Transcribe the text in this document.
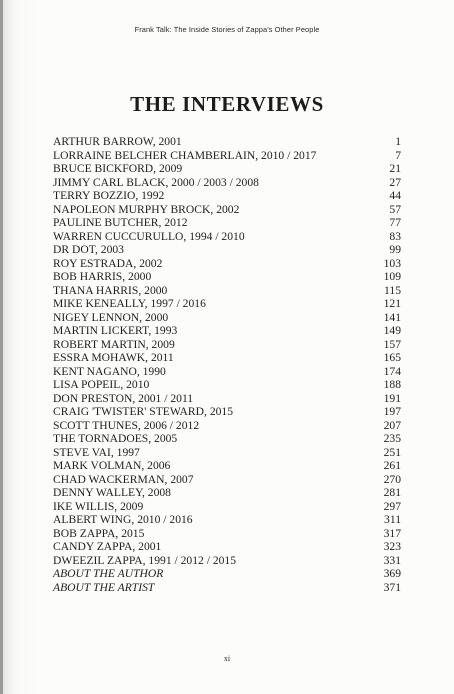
Frank Talk: The Inside Stories of Zappa's Other People
THE INTERVIEWS
ARTHUR BARROW, 2001	1
LORRAINE BELCHER CHAMBERLAIN, 2010 / 2017	7
BRUCE BICKFORD, 2009	21
JIMMY CARL BLACK, 2000 / 2003 / 2008	27
TERRY BOZZIO, 1992	44
NAPOLEON MURPHY BROCK, 2002	57
PAULINE BUTCHER, 2012	77
WARREN CUCCURULLO, 1994 / 2010	83
DR DOT, 2003	99
ROY ESTRADA, 2002	103
BOB HARRIS, 2000	109
THANA HARRIS, 2000	115
MIKE KENEALLY, 1997 / 2016	121
NIGEY LENNON, 2000	141
MARTIN LICKERT, 1993	149
ROBERT MARTIN, 2009	157
ESSRA MOHAWK, 2011	165
KENT NAGANO, 1990	174
LISA POPEIL, 2010	188
DON PRESTON, 2001 / 2011	191
CRAIG 'TWISTER' STEWARD, 2015	197
SCOTT THUNES, 2006 / 2012	207
THE TORNADOES, 2005	235
STEVE VAI, 1997	251
MARK VOLMAN, 2006	261
CHAD WACKERMAN, 2007	270
DENNY WALLEY, 2008	281
IKE WILLIS, 2009	297
ALBERT WING, 2010 / 2016	311
BOB ZAPPA, 2015	317
CANDY ZAPPA, 2001	323
DWEEZIL ZAPPA, 1991 / 2012 / 2015	331
ABOUT THE AUTHOR	369
ABOUT THE ARTIST	371
xi
